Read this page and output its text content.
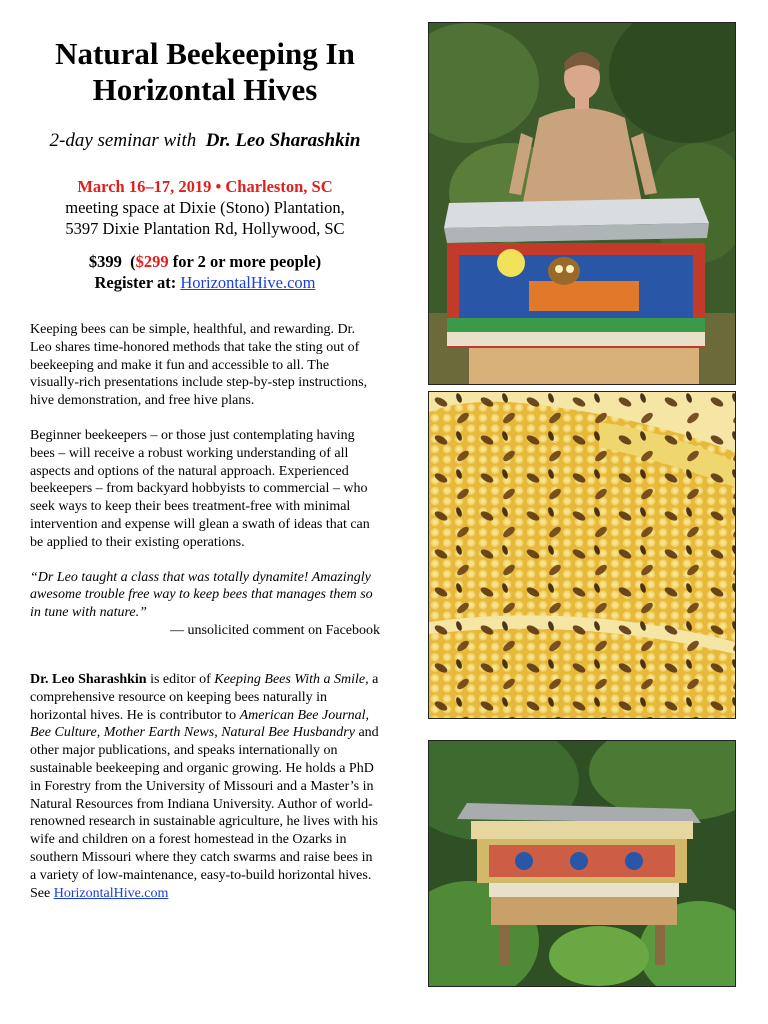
Natural Beekeeping In
Horizontal Hives
2-day seminar with Dr. Leo Sharashkin
March 16–17, 2019 • Charleston, SC
meeting space at Dixie (Stono) Plantation,
5397 Dixie Plantation Rd, Hollywood, SC
$399 ($299 for 2 or more people)
Register at: HorizontalHive.com

Keeping bees can be simple, healthful, and rewarding. Dr. Leo shares time-honored methods that take the sting out of beekeeping and make it fun and accessible to all. The visually-rich presentations include step-by-step instructions, hive demonstration, and free hive plans.

Beginner beekeepers – or those just contemplating having bees – will receive a robust working understanding of all aspects and options of the natural approach. Experienced beekeepers – from backyard hobbyists to commercial – who seek ways to keep their bees treatment-free with minimal intervention and expense will glean a swath of ideas that can be applied to their existing operations.

“Dr Leo taught a class that was totally dynamite! Amazingly awesome trouble free way to keep bees that manages them so in tune with nature.”
— unsolicited comment on Facebook

Dr. Leo Sharashkin is editor of Keeping Bees With a Smile, a comprehensive resource on keeping bees naturally in horizontal hives. He is contributor to American Bee Journal, Bee Culture, Mother Earth News, Natural Bee Husbandry and other major publications, and speaks internationally on sustainable beekeeping and organic growing. He holds a PhD in Forestry from the University of Missouri and a Master’s in Natural Resources from Indiana University. Author of world-renowned research in sustainable agriculture, he lives with his wife and children on a forest homestead in the Ozarks in southern Missouri where they catch swarms and raise bees in a variety of low-maintenance, easy-to-build horizontal hives. See HorizontalHive.com
